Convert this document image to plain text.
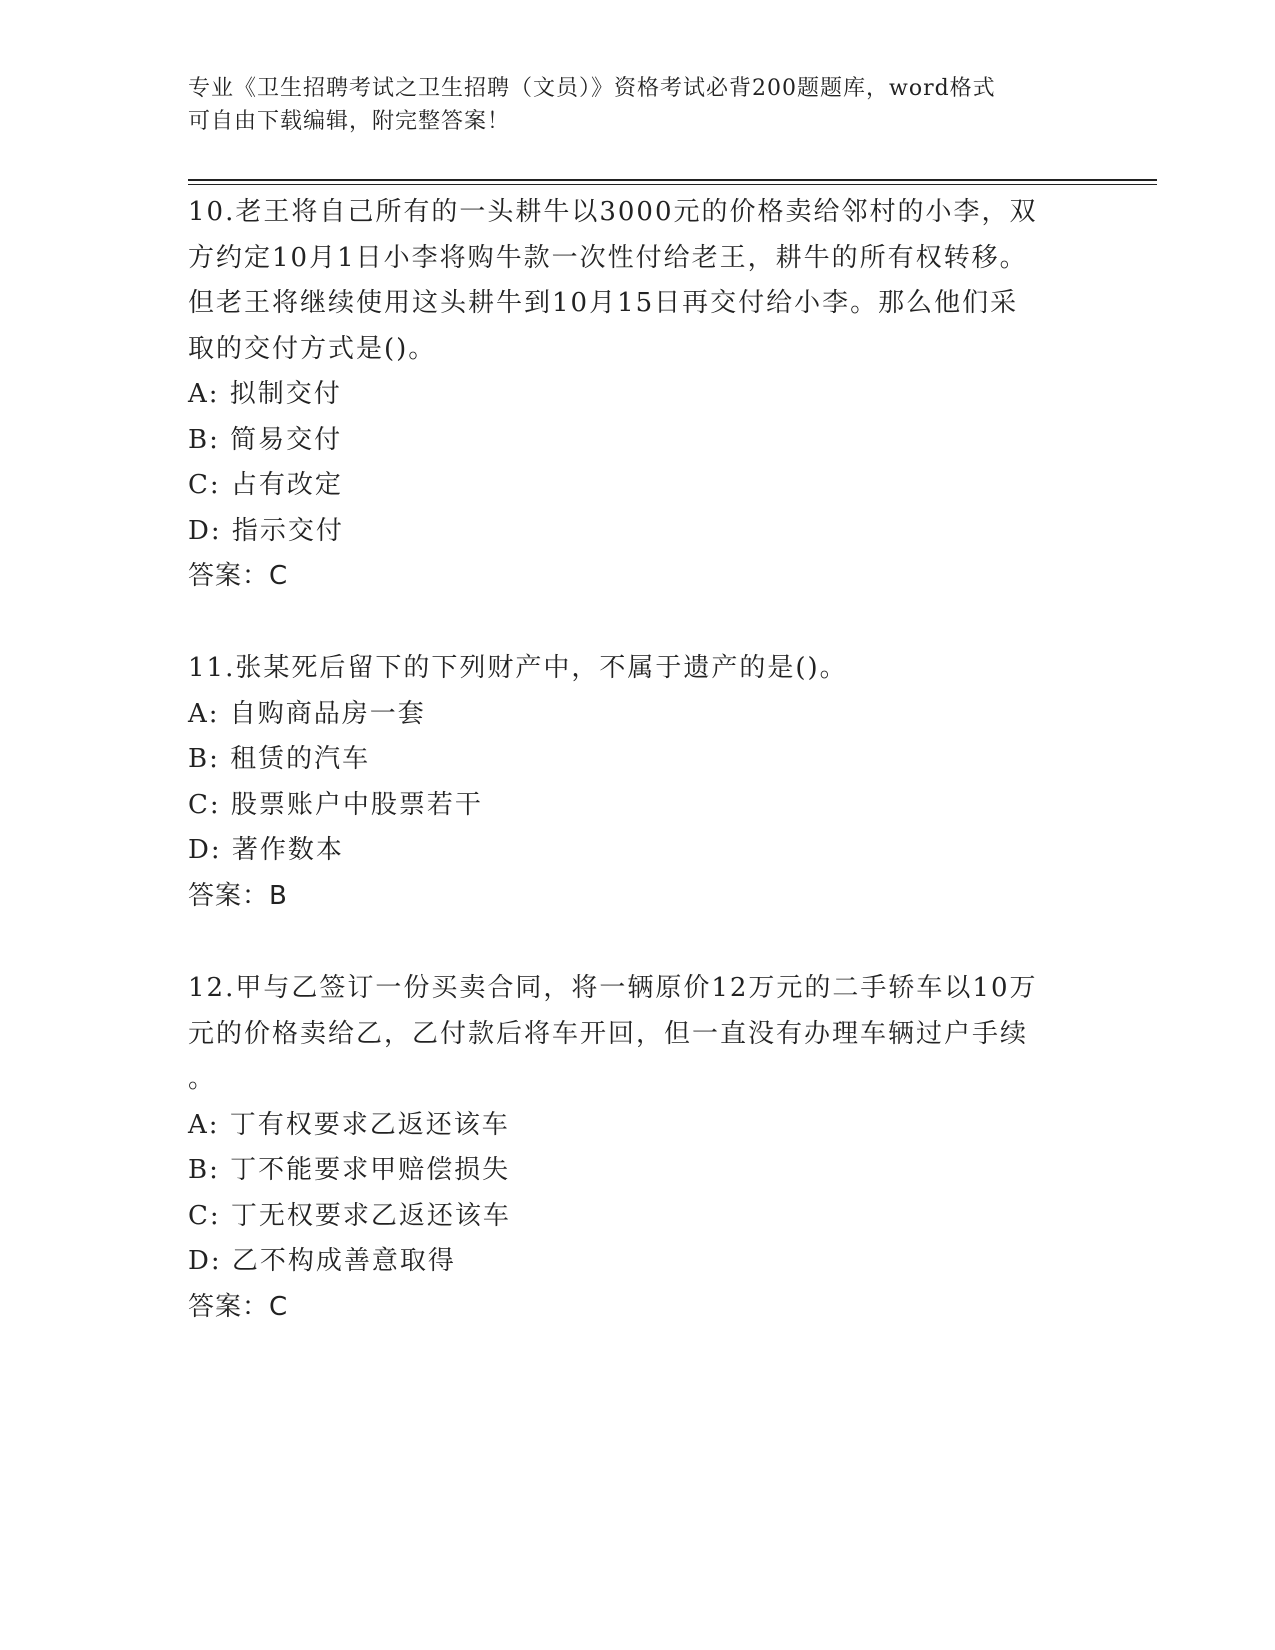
专业《卫生招聘考试之卫生招聘（文员）》资格考试必背200题题库，word格式
可自由下载编辑，附完整答案！
10.老王将自己所有的一头耕牛以3000元的价格卖给邻村的小李，双
方约定10月1日小李将购牛款一次性付给老王，耕牛的所有权转移。
但老王将继续使用这头耕牛到10月15日再交付给小李。那么他们采
取的交付方式是()。
A: 拟制交付
B: 简易交付
C: 占有改定
D: 指示交付
答案：C
11.张某死后留下的下列财产中，不属于遗产的是()。
A: 自购商品房一套
B: 租赁的汽车
C: 股票账户中股票若干
D: 著作数本
答案：B
12.甲与乙签订一份买卖合同，将一辆原价12万元的二手轿车以10万
元的价格卖给乙，乙付款后将车开回，但一直没有办理车辆过户手续
。
A: 丁有权要求乙返还该车
B: 丁不能要求甲赔偿损失
C: 丁无权要求乙返还该车
D: 乙不构成善意取得
答案：C
